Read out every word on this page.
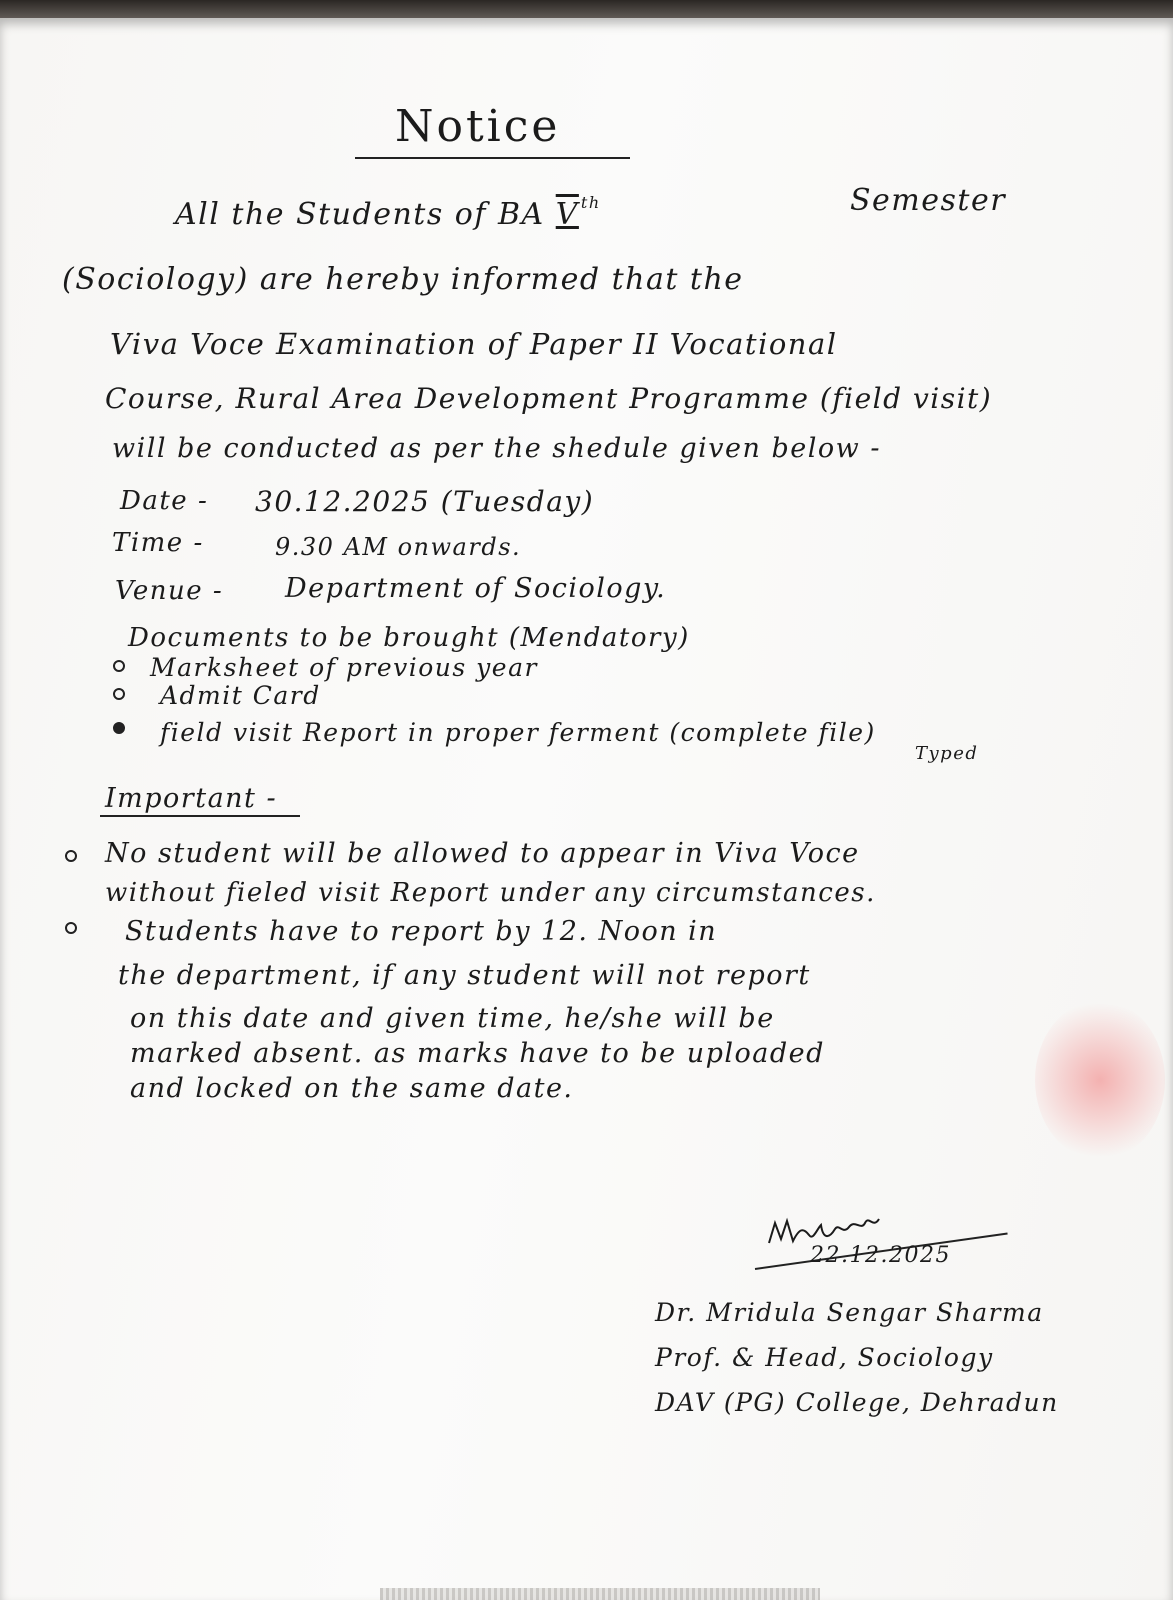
Notice
All the Students of BA V $^{th}$	Semester
(Sociology) are hereby informed that the
Viva Voce Examination of Paper II Vocational
Course, Rural Area Development Programme (field visit)
will be conducted as per the shedule given below -
Date - 30.12.2025 (Tuesday)
Time -	9.30 AM onwards.
Venue - Department of Sociology.
Documents to be brought (Mendatory)
Marksheet of previous year
Admit Card
field visit Report in proper ferment (complete file)
Typed
Important -
No student will be allowed to appear in Viva Voce
without fieled visit Report under any circumstances.
Students have to report by 12. Noon in
the department, if any student will not report
on this date and given time, he/she will be
marked absent. as marks have to be uploaded
and locked on the same date.
22.12.2025
Dr. Mridula Sengar Sharma
Prof. & Head, Sociology
DAV (PG) College, Dehradun
